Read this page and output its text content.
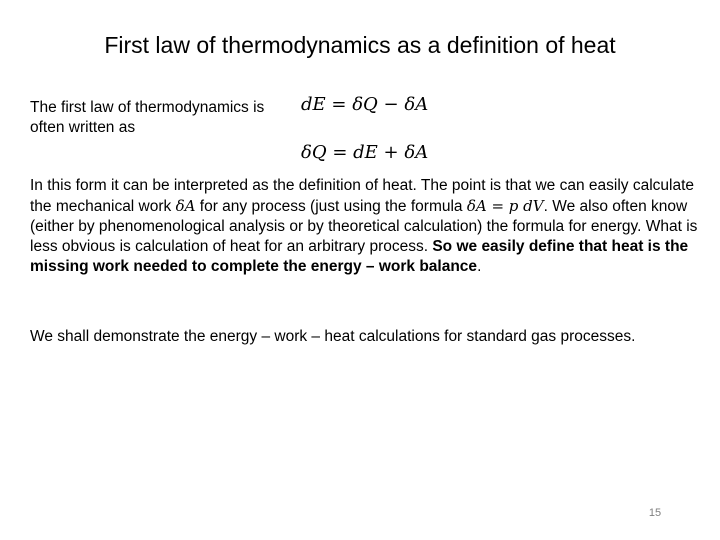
First law of thermodynamics as a definition of heat
The first law of thermodynamics is often written as
dE = δQ − δA
δQ = dE + δA

In this form it can be interpreted as the definition of heat. The point is that we can easily calculate the mechanical work δA for any process (just using the formula δA = p dV. We also often know (either by phenomenological analysis or by theoretical calculation) the formula for energy. What is less obvious is calculation of heat for an arbitrary process. So we easily define that heat is the missing work needed to complete the energy – work balance.

We shall demonstrate the energy – work – heat calculations for standard gas processes.
15
